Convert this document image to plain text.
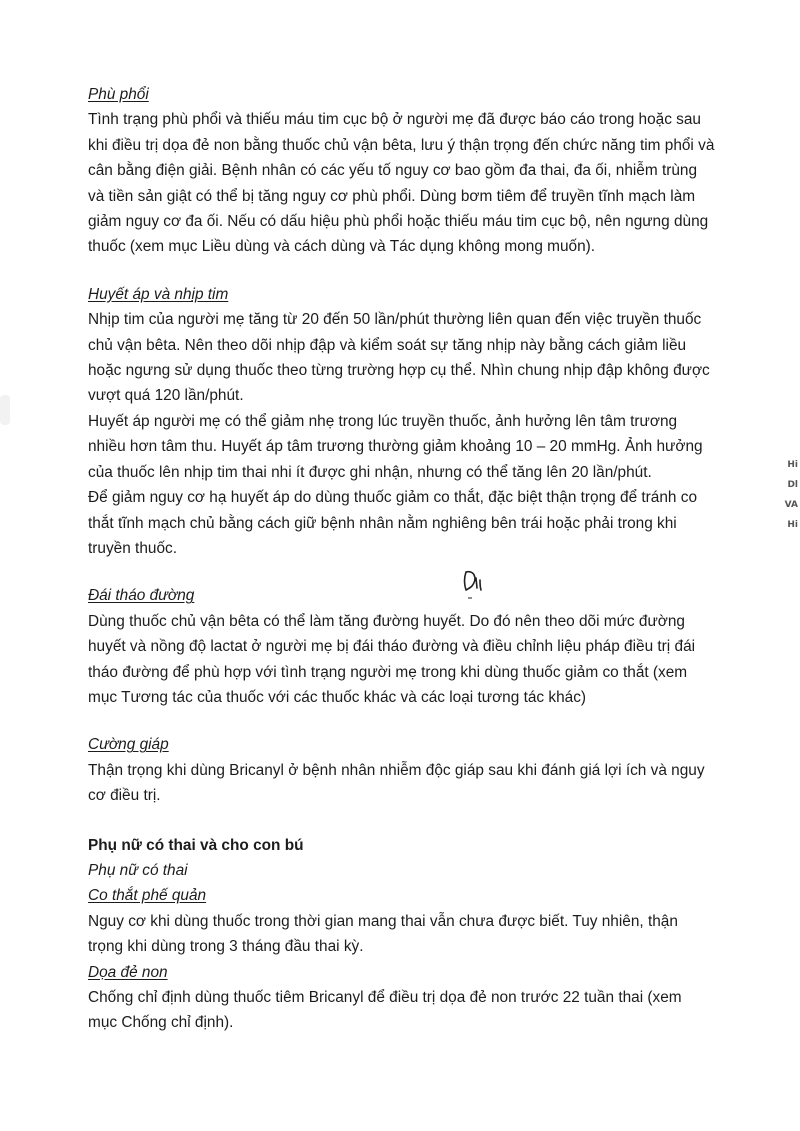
Phù phổi

Tình trạng phù phổi và thiếu máu tim cục bộ ở người mẹ đã được báo cáo trong hoặc sau

khi điều trị dọa đẻ non bằng thuốc chủ vận bêta, lưu ý thận trọng đến chức năng tim phổi và

cân bằng điện giải. Bệnh nhân có các yếu tố nguy cơ bao gồm đa thai, đa ối, nhiễm trùng

và tiền sản giật có thể bị tăng nguy cơ phù phổi. Dùng bơm tiêm để truyền tĩnh mạch làm

giảm nguy cơ đa ối. Nếu có dấu hiệu phù phổi hoặc thiếu máu tim cục bộ, nên ngưng dùng

thuốc (xem mục Liều dùng và cách dùng và Tác dụng không mong muốn).

Huyết áp và nhịp tim

Nhịp tim của người mẹ tăng từ 20 đến 50 lần/phút thường liên quan đến việc truyền thuốc

chủ vận bêta. Nên theo dõi nhịp đập và kiểm soát sự tăng nhịp này bằng cách giảm liều

hoặc ngưng sử dụng thuốc theo từng trường hợp cụ thể. Nhìn chung nhịp đập không được

vượt quá 120 lần/phút.

Huyết áp người mẹ có thể giảm nhẹ trong lúc truyền thuốc, ảnh hưởng lên tâm trương

nhiều hơn tâm thu. Huyết áp tâm trương thường giảm khoảng 10 – 20 mmHg. Ảnh hưởng

của thuốc lên nhịp tim thai nhi ít được ghi nhận, nhưng có thể tăng lên 20 lần/phút.

Để giảm nguy cơ hạ huyết áp do dùng thuốc giảm co thắt, đặc biệt thận trọng để tránh co

thắt tĩnh mạch chủ bằng cách giữ bệnh nhân nằm nghiêng bên trái hoặc phải trong khi

truyền thuốc.

Đái tháo đường

Dùng thuốc chủ vận bêta có thể làm tăng đường huyết. Do đó nên theo dõi mức đường

huyết và nồng độ lactat ở người mẹ bị đái tháo đường và điều chỉnh liệu pháp điều trị đái

tháo đường để phù hợp với tình trạng người mẹ trong khi dùng thuốc giảm co thắt (xem

mục Tương tác của thuốc với các thuốc khác và các loại tương tác khác)

Cường giáp

Thận trọng khi dùng Bricanyl ở bệnh nhân nhiễm độc giáp sau khi đánh giá lợi ích và nguy

cơ điều trị.

Phụ nữ có thai và cho con bú

Phụ nữ có thai

Co thắt phế quản

Nguy cơ khi dùng thuốc trong thời gian mang thai vẫn chưa được biết. Tuy nhiên, thận

trọng khi dùng trong 3 tháng đầu thai kỳ.

Dọa đẻ non

Chống chỉ định dùng thuốc tiêm Bricanyl để điều trị dọa đẻ non trước 22 tuần thai (xem

mục Chống chỉ định).

Hi
Dl
VA
Hi
